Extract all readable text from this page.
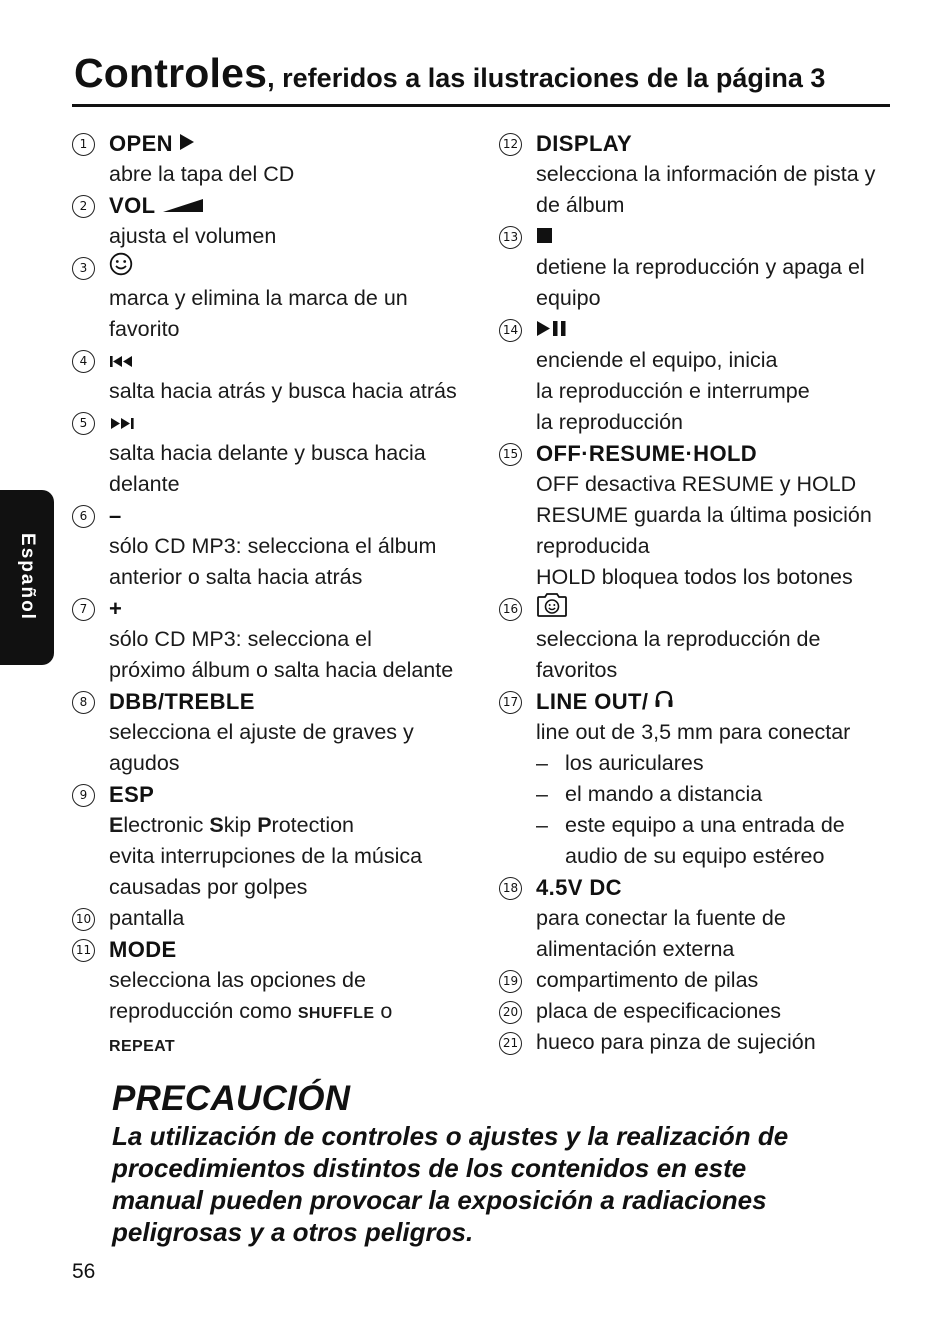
Controles, referidos a las ilustraciones de la página 3
Español
1 OPEN
abre la tapa del CD
2 VOL
ajusta el volumen
3
marca y elimina la marca de un
favorito
4
salta hacia atrás y busca hacia atrás
5
salta hacia delante y busca hacia
delante
6 –
sólo CD MP3: selecciona el álbum
anterior o salta hacia atrás
7 +
sólo CD MP3: selecciona el
próximo álbum o salta hacia delante
8 DBB/TREBLE
selecciona el ajuste de graves y
agudos
9 ESP
Electronic Skip Protection
evita interrupciones de la música
causadas por golpes
10 pantalla
11 MODE
selecciona las opciones de
reproducción como SHUFFLE o
REPEAT
12 DISPLAY
selecciona la información de pista y
de álbum
13
detiene la reproducción y apaga el
equipo
14
enciende el equipo, inicia
la reproducción e interrumpe
la reproducción
15 OFF·RESUME·HOLD
OFF desactiva RESUME y HOLD
RESUME guarda la última posición
reproducida
HOLD bloquea todos los botones
16
selecciona la reproducción de
favoritos
17 LINE OUT/
line out de 3,5 mm para conectar
– los auriculares
– el mando a distancia
– este equipo a una entrada de
audio de su equipo estéreo
18 4.5V DC
para conectar la fuente de
alimentación externa
19 compartimento de pilas
20 placa de especificaciones
21 hueco para pinza de sujeción
PRECAUCIÓN
La utilización de controles o ajustes y la realización de
procedimientos distintos de los contenidos en este
manual pueden provocar la exposición a radiaciones
peligrosas y a otros peligros.
56
